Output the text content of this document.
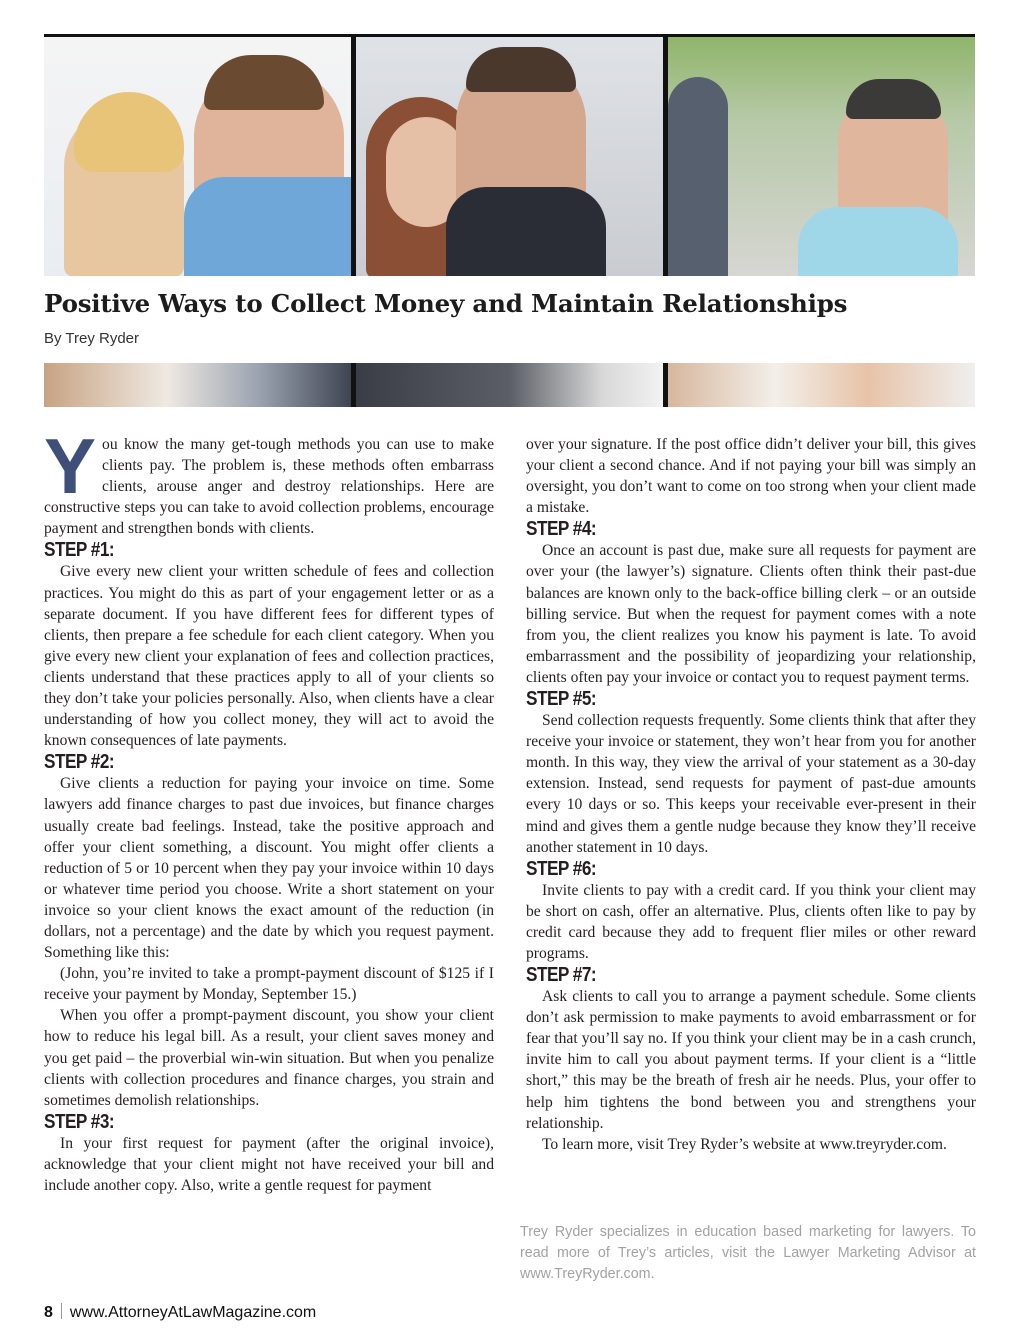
Positive Ways to Collect Money and Maintain Relationships
By Trey Ryder

You know the many get-tough methods you can use to make clients pay. The problem is, these methods often embarrass clients, arouse anger and destroy relationships. Here are constructive steps you can take to avoid collection problems, encourage payment and strengthen bonds with clients.

STEP #1:

Give every new client your written schedule of fees and collection practices. You might do this as part of your engagement letter or as a separate document. If you have different fees for different types of clients, then prepare a fee schedule for each client category. When you give every new client your explanation of fees and collection practices, clients understand that these practices apply to all of your clients so they don’t take your policies personally. Also, when clients have a clear understanding of how you collect money, they will act to avoid the known consequences of late payments.

STEP #2:

Give clients a reduction for paying your invoice on time. Some lawyers add finance charges to past due invoices, but finance charges usually create bad feelings. Instead, take the positive approach and offer your client something, a discount. You might offer clients a reduction of 5 or 10 percent when they pay your invoice within 10 days or whatever time period you choose. Write a short statement on your invoice so your client knows the exact amount of the reduction (in dollars, not a percentage) and the date by which you request payment. Something like this:

(John, you’re invited to take a prompt-payment discount of $125 if I receive your payment by Monday, September 15.)

When you offer a prompt-payment discount, you show your client how to reduce his legal bill. As a result, your client saves money and you get paid – the proverbial win-win situation. But when you penalize clients with collection procedures and finance charges, you strain and sometimes demolish relationships.

STEP #3:

In your first request for payment (after the original invoice), acknowledge that your client might not have received your bill and include another copy. Also, write a gentle request for payment

over your signature. If the post office didn’t deliver your bill, this gives your client a second chance. And if not paying your bill was simply an oversight, you don’t want to come on too strong when your client made a mistake.

STEP #4:

Once an account is past due, make sure all requests for payment are over your (the lawyer’s) signature. Clients often think their past-due balances are known only to the back-office billing clerk – or an outside billing service. But when the request for payment comes with a note from you, the client realizes you know his payment is late. To avoid embarrassment and the possibility of jeopardizing your relationship, clients often pay your invoice or contact you to request payment terms.

STEP #5:

Send collection requests frequently. Some clients think that after they receive your invoice or statement, they won’t hear from you for another month. In this way, they view the arrival of your statement as a 30-day extension. Instead, send requests for payment of past-due amounts every 10 days or so. This keeps your receivable ever-present in their mind and gives them a gentle nudge because they know they’ll receive another statement in 10 days.

STEP #6:

Invite clients to pay with a credit card. If you think your client may be short on cash, offer an alternative. Plus, clients often like to pay by credit card because they add to frequent flier miles or other reward programs.

STEP #7:

Ask clients to call you to arrange a payment schedule. Some clients don’t ask permission to make payments to avoid embarrassment or for fear that you’ll say no. If you think your client may be in a cash crunch, invite him to call you about payment terms. If your client is a “little short,” this may be the breath of fresh air he needs. Plus, your offer to help him tightens the bond between you and strengthens your relationship.

To learn more, visit Trey Ryder’s website at www.treyryder.com.

Trey Ryder specializes in education based marketing for lawyers. To read more of Trey’s articles, visit the Lawyer Marketing Advisor at www.TreyRyder.com.
8 www.AttorneyAtLawMagazine.com
